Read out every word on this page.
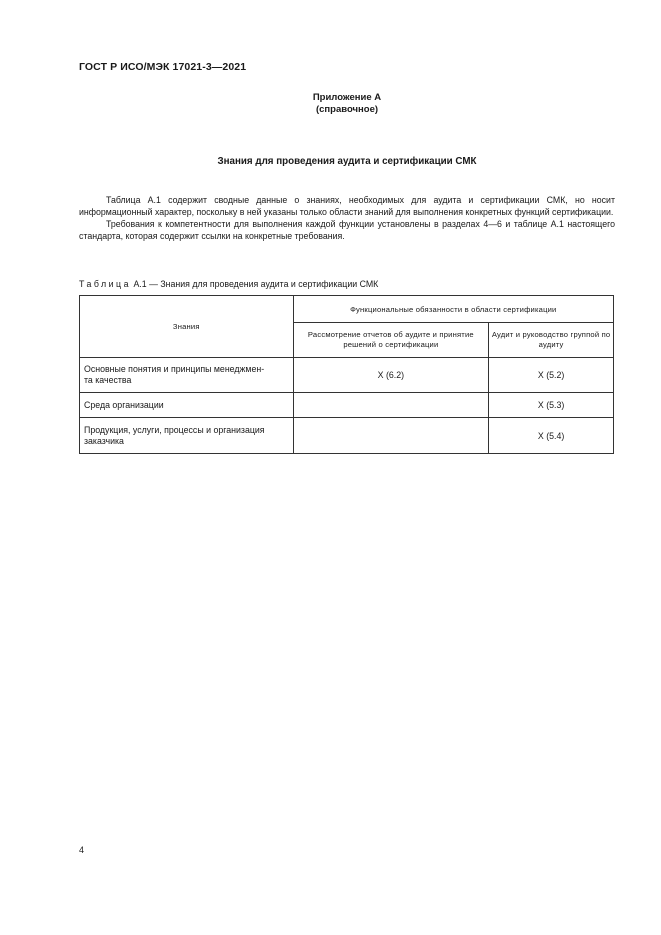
ГОСТ Р ИСО/МЭК 17021-3—2021
Приложение А
(справочное)
Знания для проведения аудита и сертификации СМК

Таблица А.1 содержит сводные данные о знаниях, необходимых для аудита и сертификации СМК, но носит информационный характер, поскольку в ней указаны только области знаний для выполнения конкретных функций сертификации.

Требования к компетентности для выполнения каждой функции установлены в разделах 4—6 и таблице А.1 настоящего стандарта, которая содержит ссылки на конкретные требования.

Таблица А.1 — Знания для проведения аудита и сертификации СМК
Знания	Функциональные обязанности в области сертификации	
	Рассмотрение отчетов об аудите и принятие решений о сертификации	Аудит и руководство группой по аудиту
Основные понятия и принципы менеджмен-
та качества	X (6.2)	X (5.2)
Среда организации		X (5.3)
Продукция, услуги, процессы и организация заказчика		X (5.4)
4
